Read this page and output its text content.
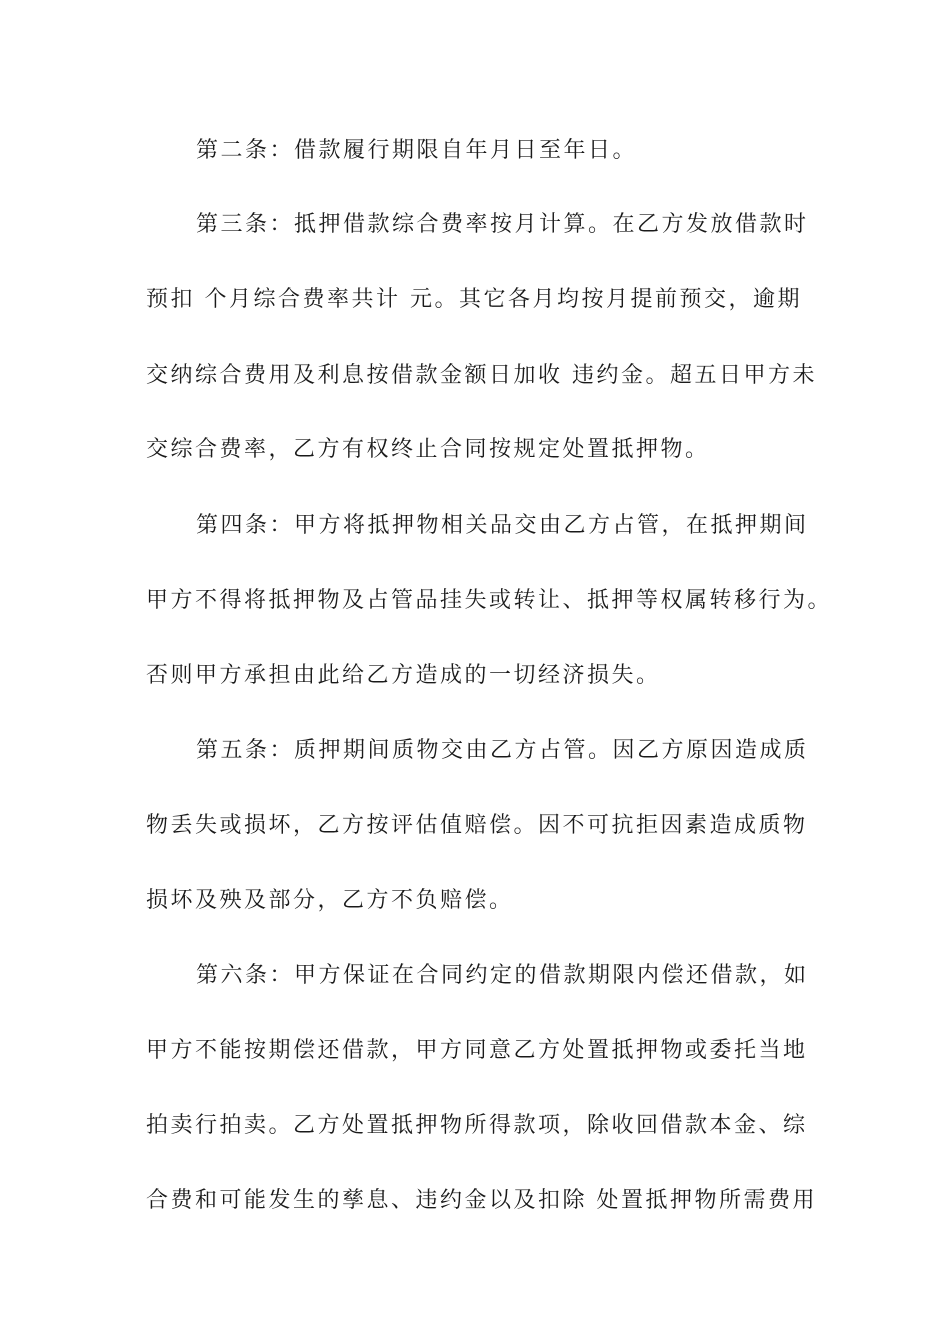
第二条：借款履行期限自年月日至年日。
第三条：抵押借款综合费率按月计算。在乙方发放借款时
预扣 个月综合费率共计 元。其它各月均按月提前预交，逾期
交纳综合费用及利息按借款金额日加收 违约金。超五日甲方未
交综合费率，乙方有权终止合同按规定处置抵押物。
第四条：甲方将抵押物相关品交由乙方占管，在抵押期间
甲方不得将抵押物及占管品挂失或转让、抵押等权属转移行为。
否则甲方承担由此给乙方造成的一切经济损失。
第五条：质押期间质物交由乙方占管。因乙方原因造成质
物丢失或损坏，乙方按评估值赔偿。因不可抗拒因素造成质物
损坏及殃及部分，乙方不负赔偿。
第六条：甲方保证在合同约定的借款期限内偿还借款，如
甲方不能按期偿还借款，甲方同意乙方处置抵押物或委托当地
拍卖行拍卖。乙方处置抵押物所得款项，除收回借款本金、综
合费和可能发生的孳息、违约金以及扣除 处置抵押物所需费用
